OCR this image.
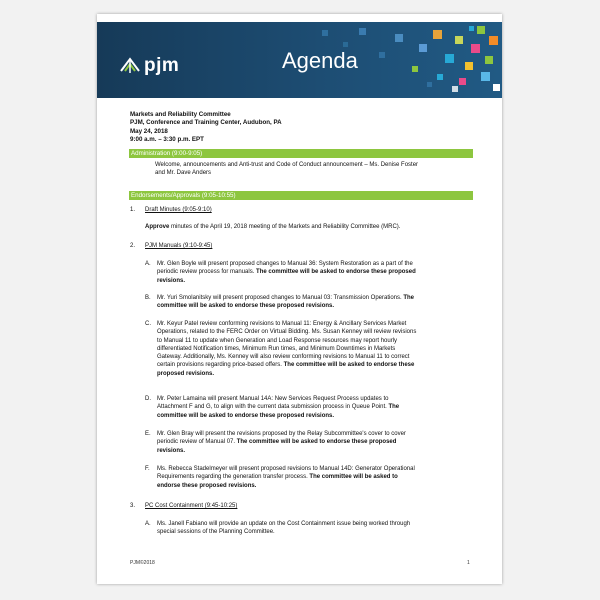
pjm	Agenda
Markets and Reliability Committee
PJM, Conference and Training Center, Audubon, PA
May 24, 2018
9:00 a.m. – 3:30 p.m. EPT
Administration (9:00-9:05)
Welcome, announcements and Anti-trust and Code of Conduct announcement – Ms. Denise Foster
and Mr. Dave Anders
Endorsements/Approvals (9:05-10:55)
1. Draft Minutes (9:05-9:10)
Approve minutes of the April 19, 2018 meeting of the Markets and Reliability Committee (MRC).
2. PJM Manuals (9:10-9:45)
A. Mr. Glen Boyle will present proposed changes to Manual 36: System Restoration as a part of the
periodic review process for manuals. The committee will be asked to endorse these proposed
revisions.
B. Mr. Yuri Smolanitsky will present proposed changes to Manual 03: Transmission Operations. The
committee will be asked to endorse these proposed revisions.
C. Mr. Keyur Patel review conforming revisions to Manual 11: Energy & Ancillary Services Market
Operations, related to the FERC Order on Virtual Bidding. Ms. Susan Kenney will review revisions
to Manual 11 to update when Generation and Load Response resources may report hourly
differentiated Notification times, Minimum Run times, and Minimum Downtimes in Markets
Gateway. Additionally, Ms. Kenney will also review conforming revisions to Manual 11 to correct
certain provisions regarding price-based offers. The committee will be asked to endorse these
proposed revisions.
D. Mr. Peter Lamaina will present Manual 14A: New Services Request Process updates to
Attachment F and G, to align with the current data submission process in Queue Point. The
committee will be asked to endorse these proposed revisions.
E. Mr. Glen Bray will present the revisions proposed by the Relay Subcommittee's cover to cover
periodic review of Manual 07. The committee will be asked to endorse these proposed
revisions.
F. Ms. Rebecca Stadelmeyer will present proposed revisions to Manual 14D: Generator Operational
Requirements regarding the generation transfer process. The committee will be asked to
endorse these proposed revisions.
3. PC Cost Containment (9:45-10:25)
A. Ms. Janell Fabiano will provide an update on the Cost Containment issue being worked through
special sessions of the Planning Committee.
PJM©2018	1
